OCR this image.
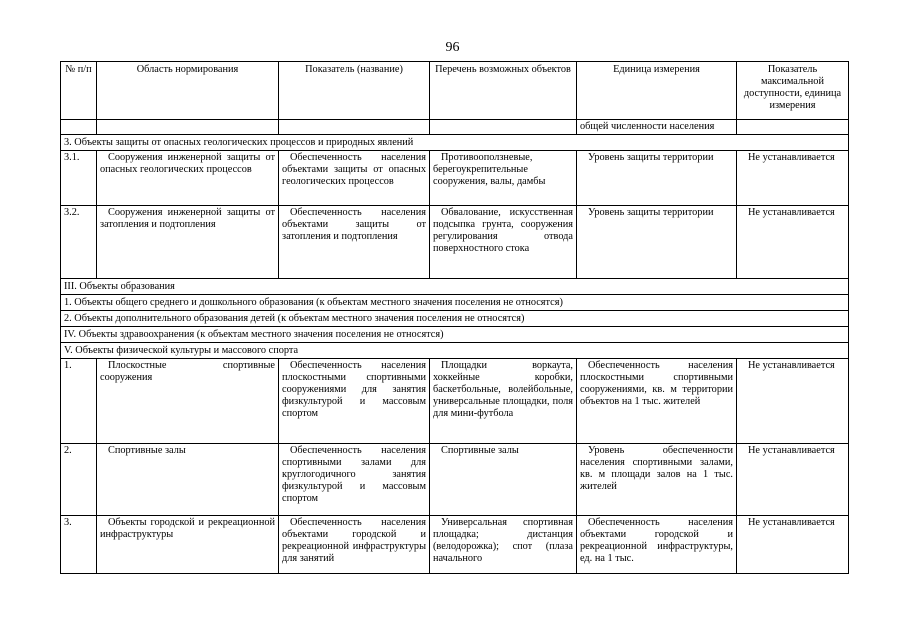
96
№ п/п	Область нормирования	Показатель (название)	Перечень возможных объектов	Единица измерения	Показатель максимальной доступности, единица измерения
				общей численности населения	
3. Объекты защиты от опасных геологических процессов и природных явлений					
3.1.	Сооружения инженерной защиты от опасных геологических процессов	Обеспеченность населения объектами защиты от опасных геологических процессов	Противооползневые, берегоукрепительные сооружения, валы, дамбы	Уровень защиты территории	Не устанавливается
3.2.	Сооружения инженерной защиты от затопления и подтопления	Обеспеченность населения объектами защиты от затопления и подтопления	Обвалование, искусственная подсыпка грунта, сооружения регулирования отвода поверхностного стока	Уровень защиты территории	Не устанавливается
III. Объекты образования					
1. Объекты общего среднего и дошкольного образования (к объектам местного значения поселения не относятся)					
2. Объекты дополнительного образования детей (к объектам местного значения поселения не относятся)					
IV. Объекты здравоохранения (к объектам местного значения поселения не относятся)					
V. Объекты физической культуры и массового спорта					
1.	Плоскостные спортивные сооружения	Обеспеченность населения плоскостными спортивными сооружениями для занятия физкультурой и массовым спортом	Площадки воркаута, хоккейные коробки, баскетбольные, волейбольные, универсальные площадки, поля для мини-футбола	Обеспеченность населения плоскостными спортивными сооружениями, кв. м территории объектов на 1 тыс. жителей	Не устанавливается
2.	Спортивные залы	Обеспеченность населения спортивными залами для круглогодичного занятия физкультурой и массовым спортом	Спортивные залы	Уровень обеспеченности населения спортивными залами, кв. м площади залов на 1 тыс. жителей	Не устанавливается
3.	Объекты городской и рекреационной инфраструктуры	Обеспеченность населения объектами городской и рекреационной инфраструктуры для занятий	Универсальная спортивная площадка; дистанция (велодорожка); спот (плаза начального	Обеспеченность населения объектами городской и рекреационной инфраструктуры, ед. на 1 тыс.	Не устанавливается
